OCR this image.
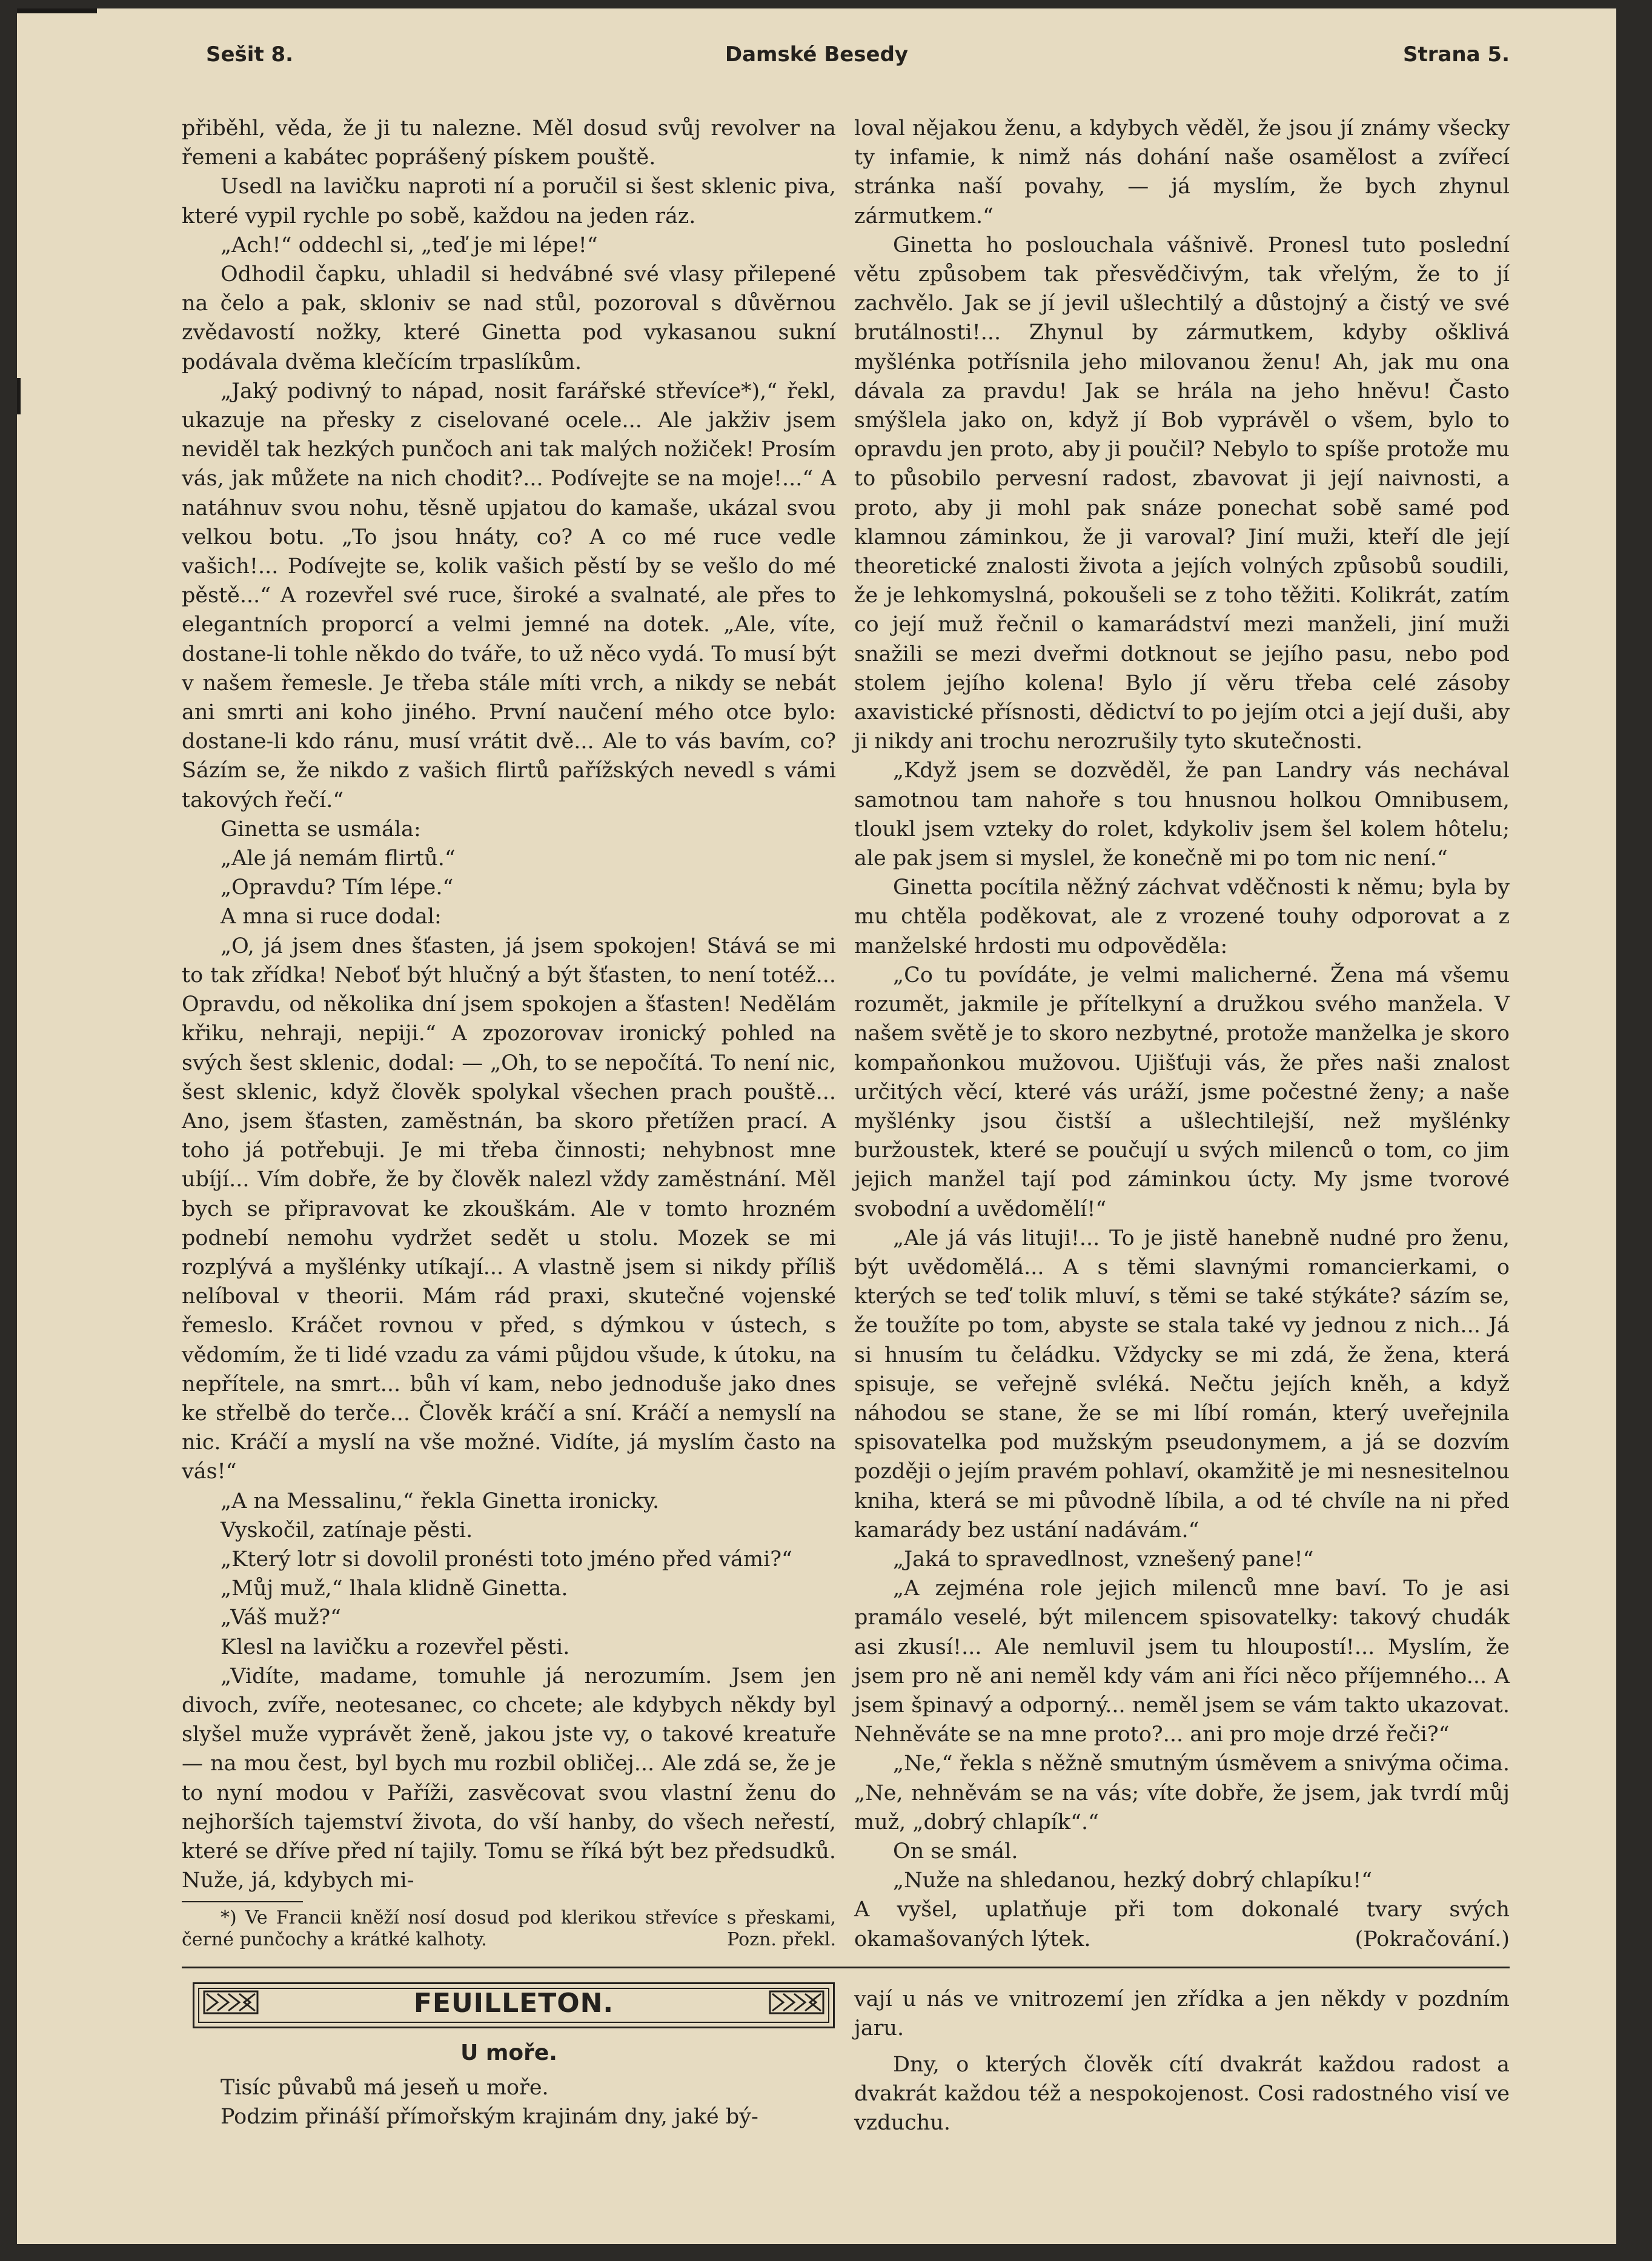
Sešit 8.	Damské Besedy	Strana 5.

přiběhl, věda, že ji tu nalezne. Měl dosud svůj revolver na řemeni a kabátec poprášený pískem pouště.

Usedl na lavičku naproti ní a poručil si šest sklenic piva, které vypil rychle po sobě, každou na jeden ráz.

„Ach!“ oddechl si, „teď je mi lépe!“

Odhodil čapku, uhladil si hedvábné své vlasy přilepené na čelo a pak, skloniv se nad stůl, pozoroval s důvěrnou zvědavostí nožky, které Ginetta pod vykasanou sukní podávala dvěma klečícím trpaslíkům.

„Jaký podivný to nápad, nosit farářské střevíce*),“ řekl, ukazuje na přesky z ciselované ocele... Ale jakživ jsem neviděl tak hezkých punčoch ani tak malých nožiček! Prosím vás, jak můžete na nich chodit?... Podívejte se na moje!...“ A natáhnuv svou nohu, těsně upjatou do kamaše, ukázal svou velkou botu. „To jsou hnáty, co? A co mé ruce vedle vašich!... Podívejte se, kolik vašich pěstí by se vešlo do mé pěstě...“ A rozevřel své ruce, široké a svalnaté, ale přes to elegantních proporcí a velmi jemné na dotek. „Ale, víte, dostane-li tohle někdo do tváře, to už něco vydá. To musí být v našem řemesle. Je třeba stále míti vrch, a nikdy se nebát ani smrti ani koho jiného. První naučení mého otce bylo: dostane-li kdo ránu, musí vrátit dvě... Ale to vás bavím, co? Sázím se, že nikdo z vašich flirtů pařížských nevedl s vámi takových řečí.“

Ginetta se usmála:

„Ale já nemám flirtů.“

„Opravdu? Tím lépe.“

A mna si ruce dodal:

„O, já jsem dnes šťasten, já jsem spokojen! Stává se mi to tak zřídka! Neboť být hlučný a být šťasten, to není totéž... Opravdu, od několika dní jsem spokojen a šťasten! Nedělám křiku, nehraji, nepiji.“ A zpozorovav ironický pohled na svých šest sklenic, dodal: — „Oh, to se nepočítá. To není nic, šest sklenic, když člověk spolykal všechen prach pouště... Ano, jsem šťasten, zaměstnán, ba skoro přetížen prací. A toho já potřebuji. Je mi třeba činnosti; nehybnost mne ubíjí... Vím dobře, že by člověk nalezl vždy zaměstnání. Měl bych se připravovat ke zkouškám. Ale v tomto hrozném podnebí nemohu vydržet sedět u stolu. Mozek se mi rozplývá a myšlénky utíkají... A vlastně jsem si nikdy příliš nelíboval v theorii. Mám rád praxi, skutečné vojenské řemeslo. Kráčet rovnou v před, s dýmkou v ústech, s vědomím, že ti lidé vzadu za vámi půjdou všude, k útoku, na nepřítele, na smrt... bůh ví kam, nebo jednoduše jako dnes ke střelbě do terče... Člověk kráčí a sní. Kráčí a nemyslí na nic. Kráčí a myslí na vše možné. Vidíte, já myslím často na vás!“

„A na Messalinu,“ řekla Ginetta ironicky.

Vyskočil, zatínaje pěsti.

„Který lotr si dovolil pronésti toto jméno před vámi?“

„Můj muž,“ lhala klidně Ginetta.

„Váš muž?“

Klesl na lavičku a rozevřel pěsti.

„Vidíte, madame, tomuhle já nerozumím. Jsem jen divoch, zvíře, neotesanec, co chcete; ale kdybych někdy byl slyšel muže vyprávět ženě, jakou jste vy, o takové kreatuře — na mou čest, byl bych mu rozbil obličej... Ale zdá se, že je to nyní modou v Paříži, zasvěcovat svou vlastní ženu do nejhorších tajemství života, do vší hanby, do všech neřestí, které se dříve před ní tajily. Tomu se říká být bez předsudků. Nuže, já, kdybych mi-

*) Ve Francii kněží nosí dosud pod klerikou střevíce s přeskami, černé punčochy a krátké kalhoty.	Pozn. překl.

loval nějakou ženu, a kdybych věděl, že jsou jí známy všecky ty infamie, k nimž nás dohání naše osamělost a zvířecí stránka naší povahy, — já myslím, že bych zhynul zármutkem.“

Ginetta ho poslouchala vášnivě. Pronesl tuto poslední větu způsobem tak přesvědčivým, tak vřelým, že to jí zachvělo. Jak se jí jevil ušlechtilý a důstojný a čistý ve své brutálnosti!... Zhynul by zármutkem, kdyby ošklivá myšlénka potřísnila jeho milovanou ženu! Ah, jak mu ona dávala za pravdu! Jak se hrála na jeho hněvu! Často smýšlela jako on, když jí Bob vyprávěl o všem, bylo to opravdu jen proto, aby ji poučil? Nebylo to spíše protože mu to působilo pervesní radost, zbavovat ji její naivnosti, a proto, aby ji mohl pak snáze ponechat sobě samé pod klamnou záminkou, že ji varoval? Jiní muži, kteří dle její theoretické znalosti života a jejích volných způsobů soudili, že je lehkomyslná, pokoušeli se z toho těžiti. Kolikrát, zatím co její muž řečnil o kamarádství mezi manželi, jiní muži snažili se mezi dveřmi dotknout se jejího pasu, nebo pod stolem jejího kolena! Bylo jí věru třeba celé zásoby axavistické přísnosti, dědictví to po jejím otci a její duši, aby ji nikdy ani trochu nerozrušily tyto skutečnosti.

„Když jsem se dozvěděl, že pan Landry vás nechával samotnou tam nahoře s tou hnusnou holkou Omnibusem, tloukl jsem vzteky do rolet, kdykoliv jsem šel kolem hôtelu; ale pak jsem si myslel, že konečně mi po tom nic není.“

Ginetta pocítila něžný záchvat vděčnosti k němu; byla by mu chtěla poděkovat, ale z vrozené touhy odporovat a z manželské hrdosti mu odpověděla:

„Co tu povídáte, je velmi malicherné. Žena má všemu rozumět, jakmile je přítelkyní a družkou svého manžela. V našem světě je to skoro nezbytné, protože manželka je skoro kompaňonkou mužovou. Ujišťuji vás, že přes naši znalost určitých věcí, které vás uráží, jsme počestné ženy; a naše myšlénky jsou čistší a ušlechtilejší, než myšlénky buržoustek, které se poučují u svých milenců o tom, co jim jejich manžel tají pod záminkou úcty. My jsme tvorové svobodní a uvědomělí!“

„Ale já vás lituji!... To je jistě hanebně nudné pro ženu, být uvědomělá... A s těmi slavnými romancierkami, o kterých se teď tolik mluví, s těmi se také stýkáte? sázím se, že toužíte po tom, abyste se stala také vy jednou z nich... Já si hnusím tu čeládku. Vždycky se mi zdá, že žena, která spisuje, se veřejně svléká. Nečtu jejích kněh, a když náhodou se stane, že se mi líbí román, který uveřejnila spisovatelka pod mužským pseudonymem, a já se dozvím později o jejím pravém pohlaví, okamžitě je mi nesnesitelnou kniha, která se mi původně líbila, a od té chvíle na ni před kamarády bez ustání nadávám.“

„Jaká to spravedlnost, vznešený pane!“

„A zejména role jejich milenců mne baví. To je asi pramálo veselé, být milencem spisovatelky: takový chudák asi zkusí!... Ale nemluvil jsem tu hloupostí!... Myslím, že jsem pro ně ani neměl kdy vám ani říci něco příjemného... A jsem špinavý a odporný... neměl jsem se vám takto ukazovat. Nehněváte se na mne proto?... ani pro moje drzé řeči?“

„Ne,“ řekla s něžně smutným úsměvem a snivýma očima. „Ne, nehněvám se na vás; víte dobře, že jsem, jak tvrdí můj muž, „dobrý chlapík“.“

On se smál.

„Nuže na shledanou, hezký dobrý chlapíku!“

A vyšel, uplatňuje při tom dokonalé tvary svých okamašovaných lýtek.	(Pokračování.)

FEUILLETON.
U moře.

Tisíc půvabů má jeseň u moře.

Podzim přináší přímořským krajinám dny, jaké bý-

vají u nás ve vnitrozemí jen zřídka a jen někdy v pozdním jaru.

Dny, o kterých člověk cítí dvakrát každou radost a dvakrát každou též a nespokojenost. Cosi radostného visí ve vzduchu.
